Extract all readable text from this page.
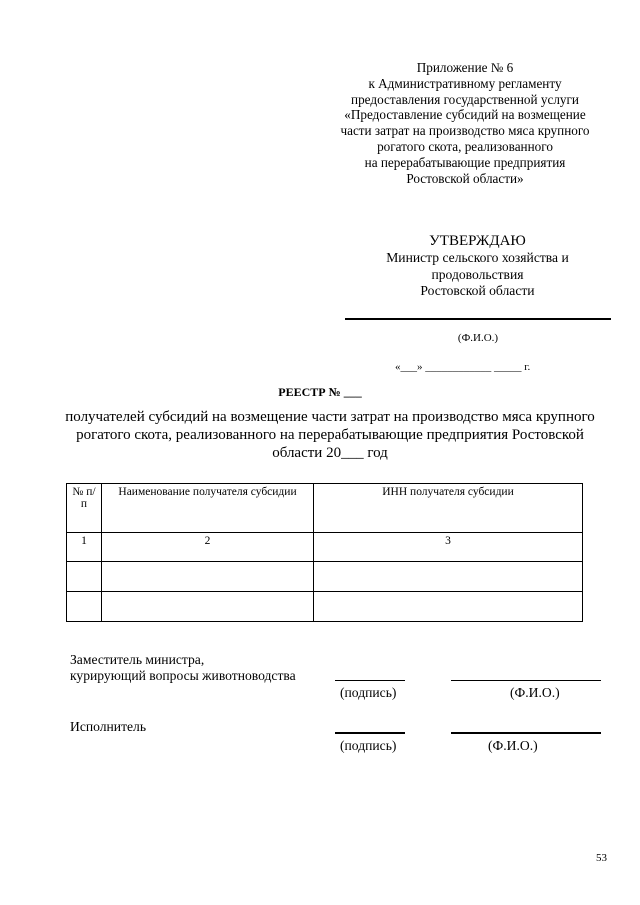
Приложение № 6
к Административному регламенту
предоставления государственной услуги
«Предоставление субсидий на возмещение
части затрат на производство мяса крупного
рогатого скота, реализованного
на перерабатывающие предприятия
Ростовской области»
УТВЕРЖДАЮ
Министр сельского хозяйства и
продовольствия
Ростовской области
(Ф.И.О.)
«___» ____________ _____ г.
РЕЕСТР № ___
получателей субсидий на возмещение части затрат на производство мяса крупного рогатого скота, реализованного на перерабатывающие предприятия Ростовской области 20___ год
№ п/п	Наименование получателя субсидии	ИНН получателя субсидии
1	2	3

Заместитель министра,
курирующий вопросы животноводства
(подпись)	(Ф.И.О.)
Исполнитель
(подпись)	(Ф.И.О.)
53
